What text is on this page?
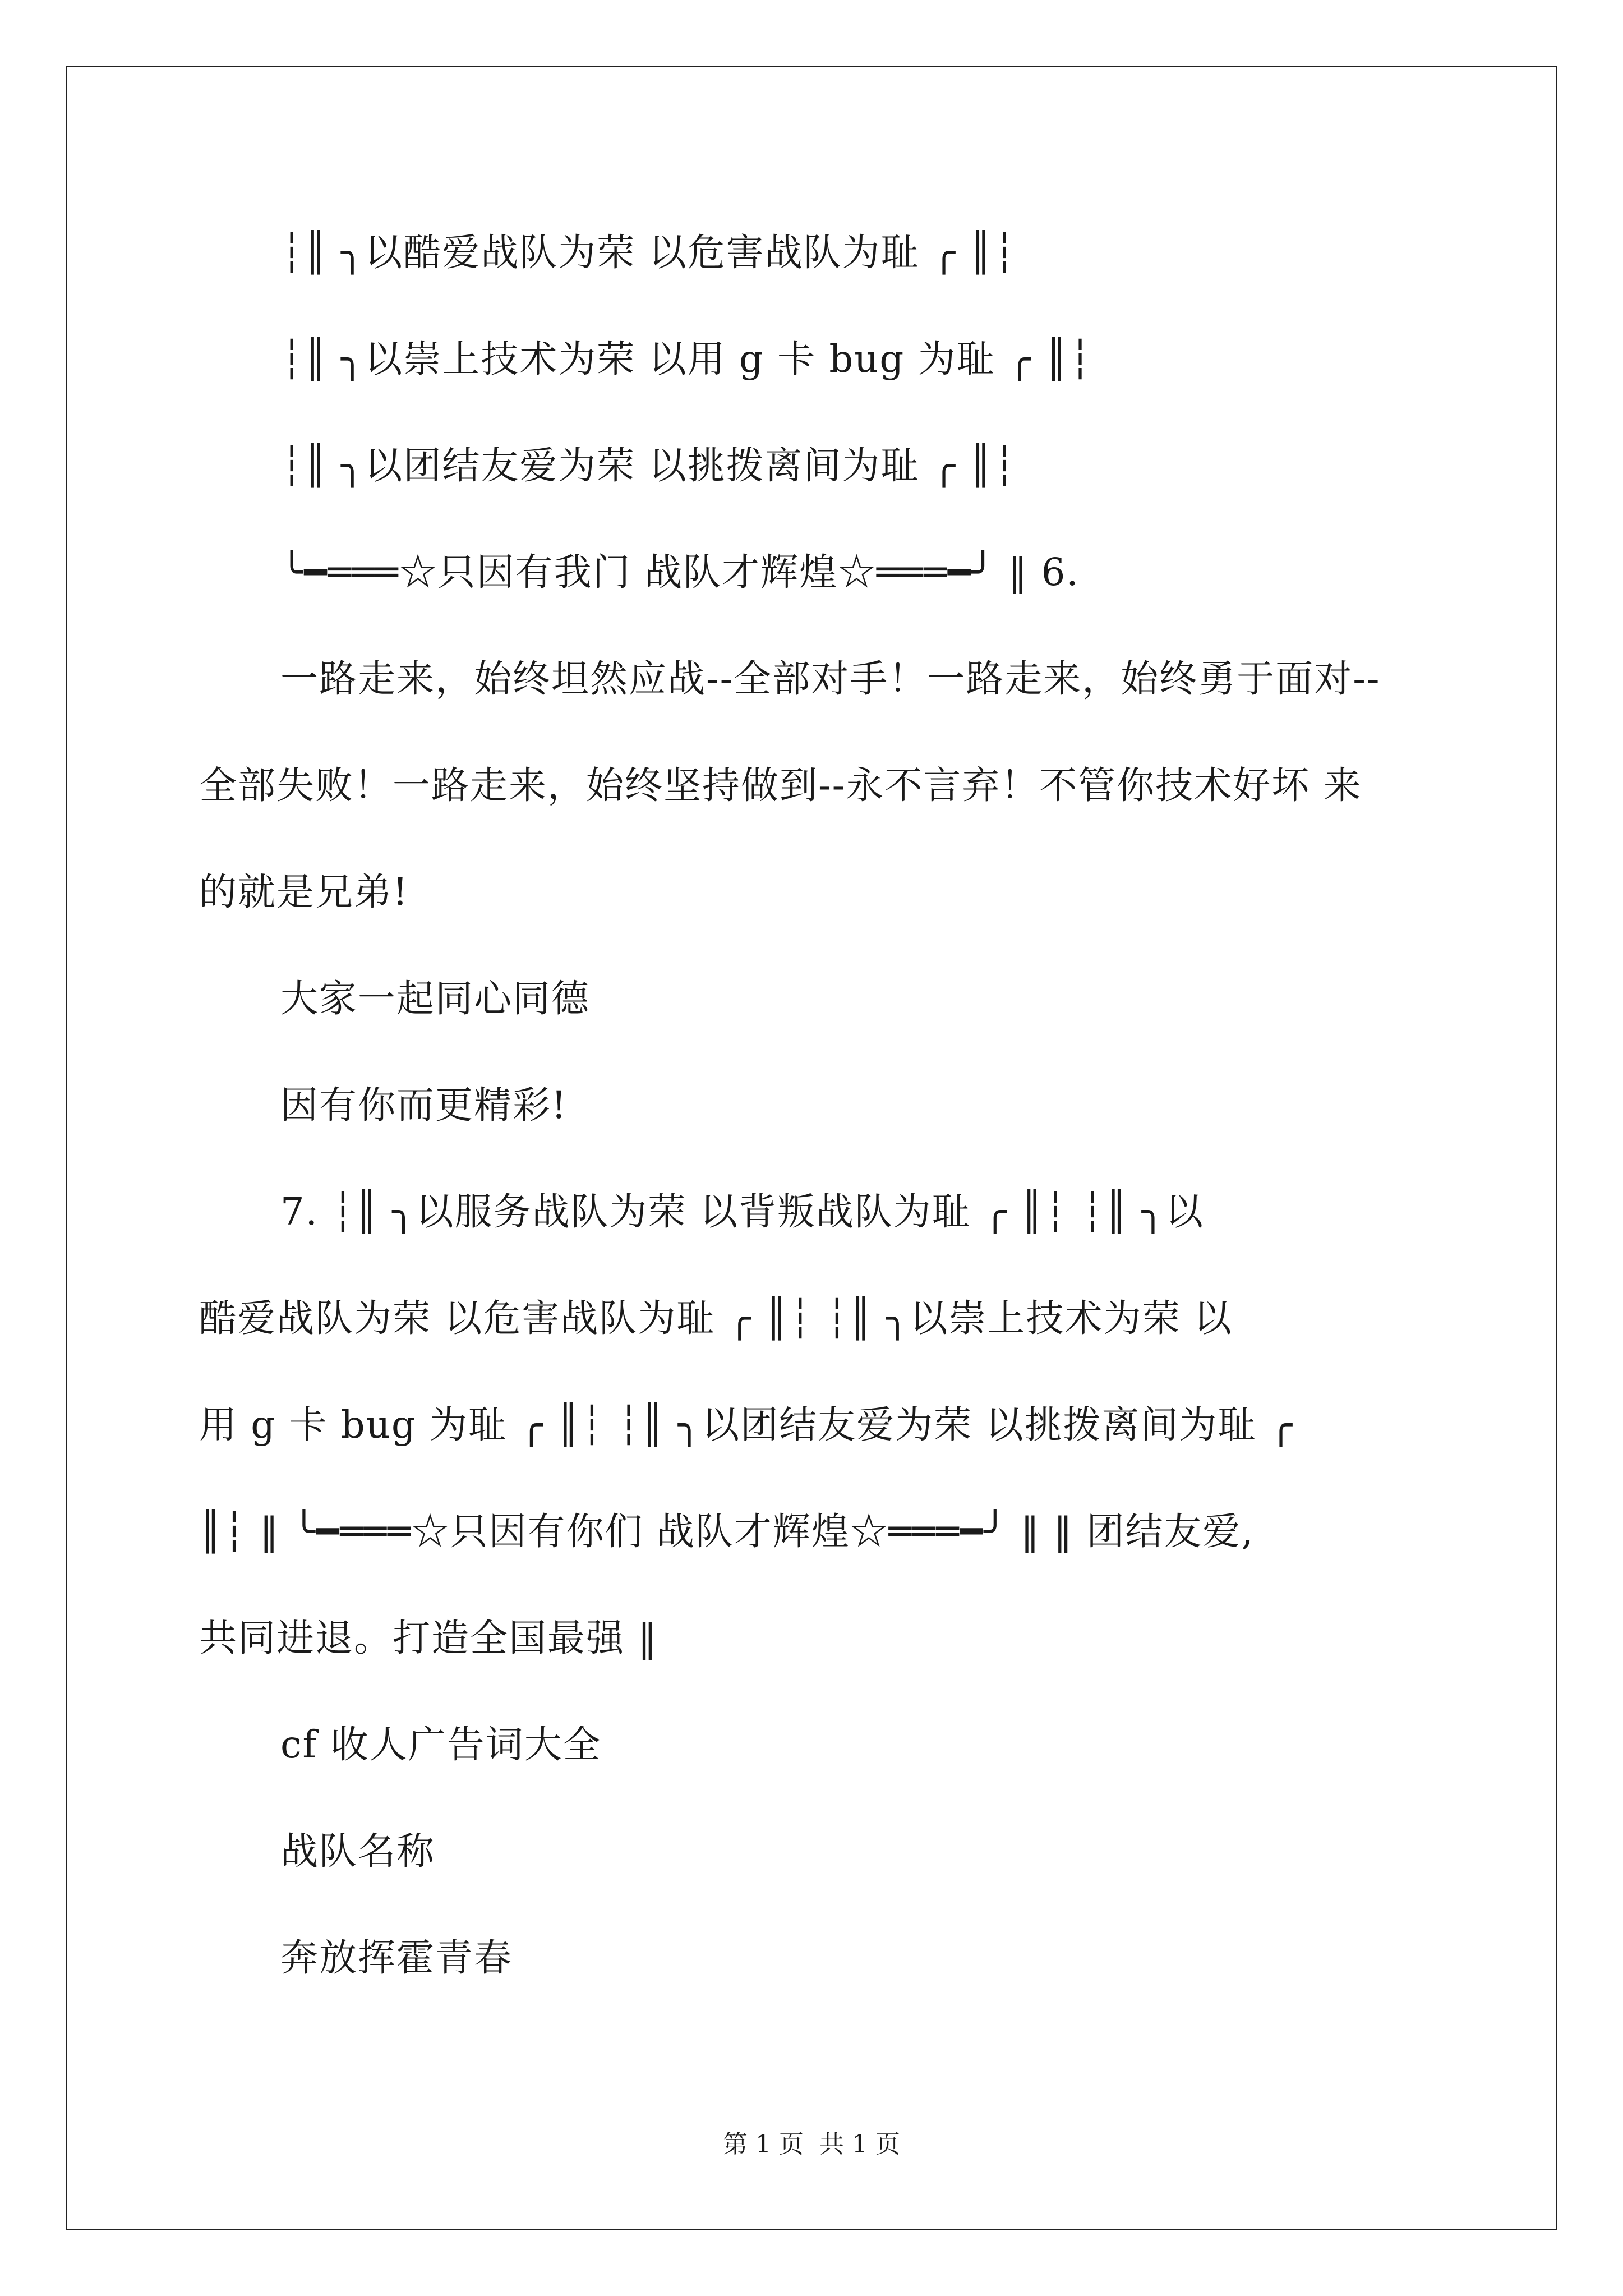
┆║ ╮以酷爱战队为荣 以危害战队为耻 ╭ ║┆
┆║ ╮以崇上技术为荣 以用 g 卡 bug 为耻 ╭ ║┆
┆║ ╮以团结友爱为荣 以挑拨离间为耻 ╭ ║┆
╰━═══☆只因有我门 战队才辉煌☆═══━╯ ‖ 6.
一路走来，始终坦然应战--全部对手！一路走来，始终勇于面对--
全部失败！一路走来，始终坚持做到--永不言弃！不管你技术好坏 来
的就是兄弟!
大家一起同心同德
因有你而更精彩!
7. ┆║ ╮以服务战队为荣 以背叛战队为耻 ╭ ║┆ ┆║ ╮以
酷爱战队为荣 以危害战队为耻 ╭ ║┆ ┆║ ╮以崇上技术为荣 以
用 g 卡 bug 为耻 ╭ ║┆ ┆║ ╮以团结友爱为荣 以挑拨离间为耻 ╭
║┆ ‖ ╰━═══☆只因有你们 战队才辉煌☆═══━╯ ‖ ‖ 团结友爱,
共同进退。打造全国最强 ‖
cf 收人广告词大全
战队名称
奔放挥霍青春
第 1 页  共 1 页
